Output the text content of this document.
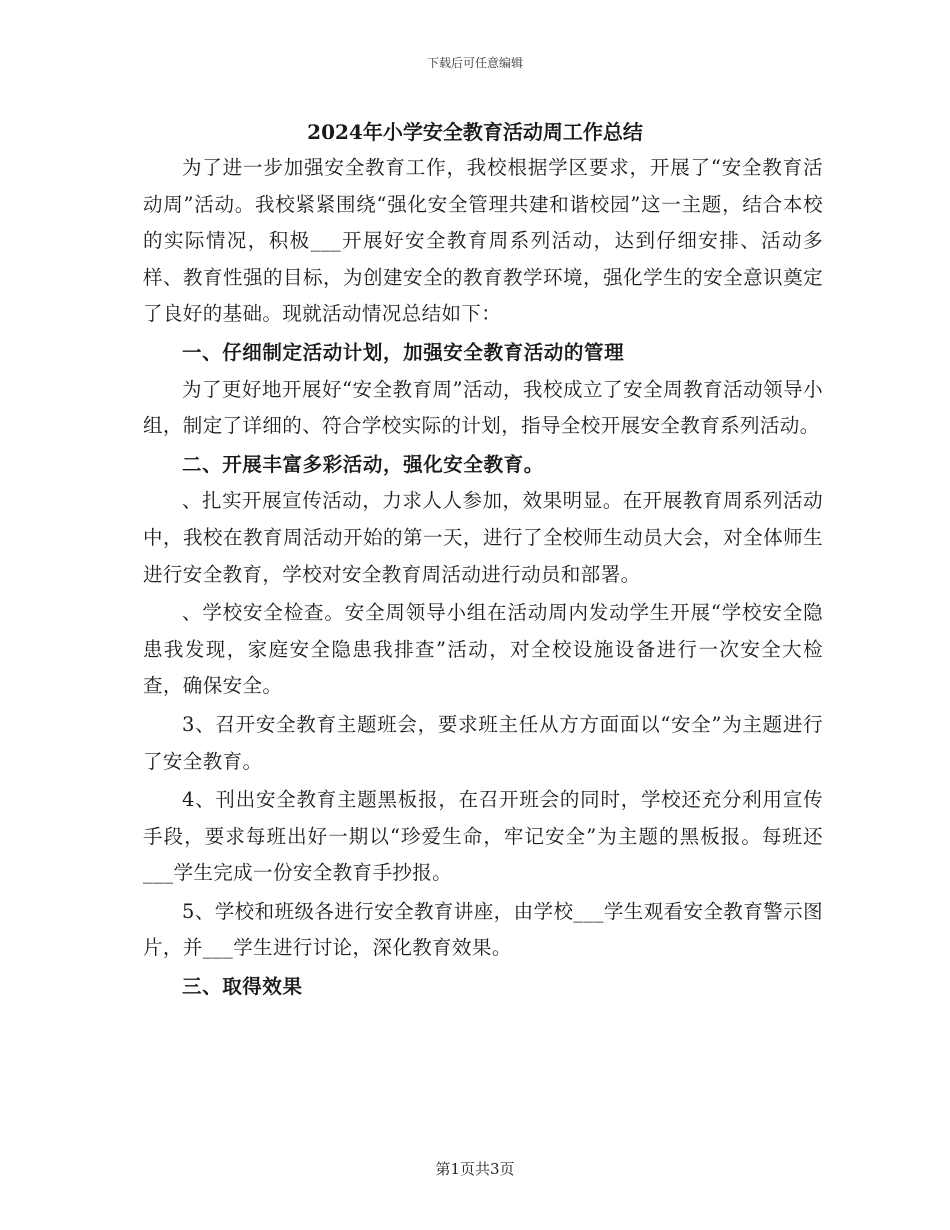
下载后可任意编辑
2024年小学安全教育活动周工作总结

为了进一步加强安全教育工作，我校根据学区要求，开展了“安全教育活动周”活动。我校紧紧围绕“强化安全管理共建和谐校园”这一主题，结合本校的实际情况，积极___开展好安全教育周系列活动，达到仔细安排、活动多样、教育性强的目标，为创建安全的教育教学环境，强化学生的安全意识奠定了良好的基础。现就活动情况总结如下：

一、仔细制定活动计划，加强安全教育活动的管理

为了更好地开展好“安全教育周”活动，我校成立了安全周教育活动领导小组，制定了详细的、符合学校实际的计划，指导全校开展安全教育系列活动。

二、开展丰富多彩活动，强化安全教育。

、扎实开展宣传活动，力求人人参加，效果明显。在开展教育周系列活动中，我校在教育周活动开始的第一天，进行了全校师生动员大会，对全体师生进行安全教育，学校对安全教育周活动进行动员和部署。

、学校安全检查。安全周领导小组在活动周内发动学生开展“学校安全隐患我发现，家庭安全隐患我排查”活动，对全校设施设备进行一次安全大检查，确保安全。

3、召开安全教育主题班会，要求班主任从方方面面以“安全”为主题进行了安全教育。

4、刊出安全教育主题黑板报，在召开班会的同时，学校还充分利用宣传手段，要求每班出好一期以“珍爱生命，牢记安全”为主题的黑板报。每班还___学生完成一份安全教育手抄报。

5、学校和班级各进行安全教育讲座，由学校___学生观看安全教育警示图片，并___学生进行讨论，深化教育效果。

三、取得效果
第1页共3页
